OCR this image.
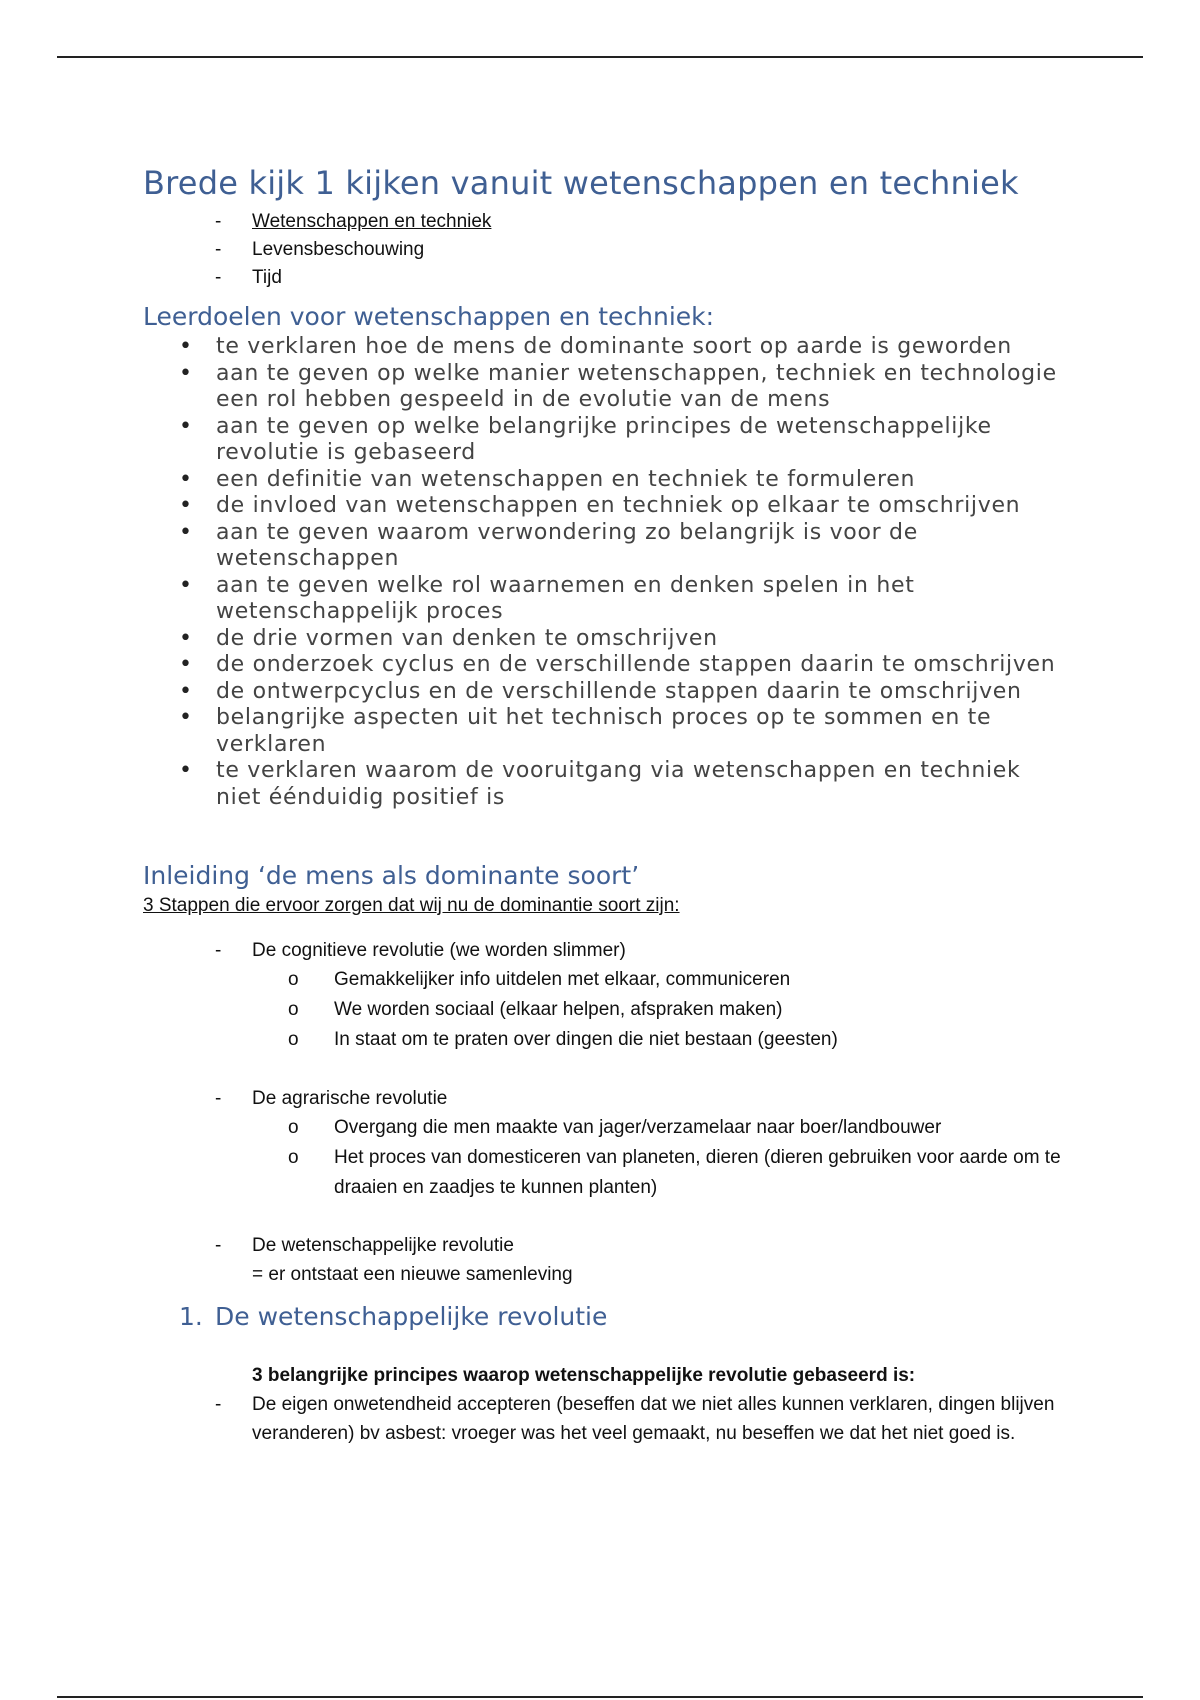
Brede kijk 1 kijken vanuit wetenschappen en techniek
- Wetenschappen en techniek
- Levensbeschouwing
- Tijd
Leerdoelen voor wetenschappen en techniek:
• te verklaren hoe de mens de dominante soort op aarde is geworden
• aan te geven op welke manier wetenschappen, techniek en technologie een rol hebben gespeeld in de evolutie van de mens
• aan te geven op welke belangrijke principes de wetenschappelijke revolutie is gebaseerd
• een definitie van wetenschappen en techniek te formuleren
• de invloed van wetenschappen en techniek op elkaar te omschrijven
• aan te geven waarom verwondering zo belangrijk is voor de wetenschappen
• aan te geven welke rol waarnemen en denken spelen in het wetenschappelijk proces
• de drie vormen van denken te omschrijven
• de onderzoek cyclus en de verschillende stappen daarin te omschrijven
• de ontwerpcyclus en de verschillende stappen daarin te omschrijven
• belangrijke aspecten uit het technisch proces op te sommen en te verklaren
• te verklaren waarom de vooruitgang via wetenschappen en techniek niet éénduidig positief is
Inleiding ‘de mens als dominante soort’

3 Stappen die ervoor zorgen dat wij nu de dominantie soort zijn:

- De cognitieve revolutie (we worden slimmer)
o Gemakkelijker info uitdelen met elkaar, communiceren
o We worden sociaal (elkaar helpen, afspraken maken)
o In staat om te praten over dingen die niet bestaan (geesten)
- De agrarische revolutie
o Overgang die men maakte van jager/verzamelaar naar boer/landbouwer
o Het proces van domesticeren van planeten, dieren (dieren gebruiken voor aarde om te draaien en zaadjes te kunnen planten)
- De wetenschappelijke revolutie
= er ontstaat een nieuwe samenleving
1. De wetenschappelijke revolutie

3 belangrijke principes waarop wetenschappelijke revolutie gebaseerd is:

- De eigen onwetendheid accepteren (beseffen dat we niet alles kunnen verklaren, dingen blijven veranderen) bv asbest: vroeger was het veel gemaakt, nu beseffen we dat het niet goed is.
